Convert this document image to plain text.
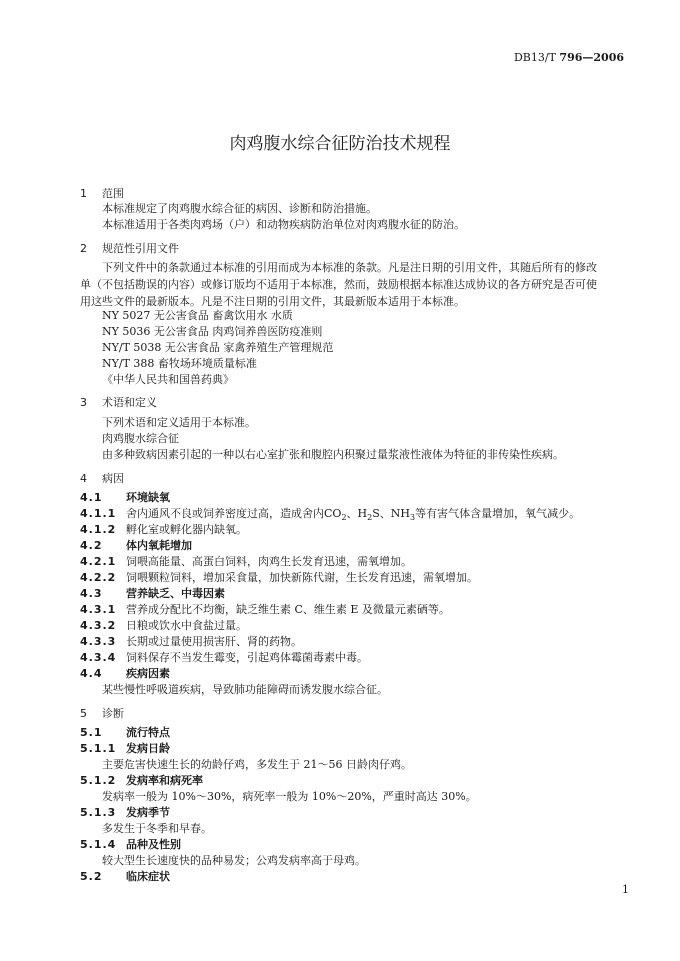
DB13/T 796—2006
肉鸡腹水综合征防治技术规程
1 范围
本标准规定了肉鸡腹水综合征的病因、诊断和防治措施。
本标准适用于各类肉鸡场（户）和动物疾病防治单位对肉鸡腹水征的防治。
2 规范性引用文件
下列文件中的条款通过本标准的引用而成为本标准的条款。凡是注日期的引用文件，其随后所有的修改单（不包括勘误的内容）或修订版均不适用于本标准，然而，鼓励根据本标准达成协议的各方研究是否可使用这些文件的最新版本。凡是不注日期的引用文件，其最新版本适用于本标准。
NY 5027 无公害食品 畜禽饮用水 水质
NY 5036 无公害食品 肉鸡饲养兽医防疫准则
NY/T 5038 无公害食品 家禽养殖生产管理规范
NY/T 388 畜牧场环境质量标准
《中华人民共和国兽药典》
3 术语和定义
下列术语和定义适用于本标准。
肉鸡腹水综合征
由多种致病因素引起的一种以右心室扩张和腹腔内积聚过量浆液性液体为特征的非传染性疾病。
4 病因
4.1 环境缺氧
4.1.1 舍内通风不良或饲养密度过高，造成舍内$CO_2$、$H_2S$、$NH_3$等有害气体含量增加，氧气减少。
4.1.2 孵化室或孵化器内缺氧。
4.2 体内氧耗增加
4.2.1 饲喂高能量、高蛋白饲料，肉鸡生长发育迅速，需氧增加。
4.2.2 饲喂颗粒饲料，增加采食量，加快新陈代谢，生长发育迅速，需氧增加。
4.3 营养缺乏、中毒因素
4.3.1 营养成分配比不均衡，缺乏维生素 C、维生素 E 及微量元素硒等。
4.3.2 日粮或饮水中食盐过量。
4.3.3 长期或过量使用损害肝、肾的药物。
4.3.4 饲料保存不当发生霉变，引起鸡体霉菌毒素中毒。
4.4 疾病因素
某些慢性呼吸道疾病，导致肺功能障碍而诱发腹水综合征。
5 诊断
5.1 流行特点
5.1.1 发病日龄
主要危害快速生长的幼龄仔鸡，多发生于 21～56 日龄肉仔鸡。
5.1.2 发病率和病死率
发病率一般为 10%～30%，病死率一般为 10%～20%，严重时高达 30%。
5.1.3 发病季节
多发生于冬季和早春。
5.1.4 品种及性别
较大型生长速度快的品种易发；公鸡发病率高于母鸡。
5.2 临床症状
1
